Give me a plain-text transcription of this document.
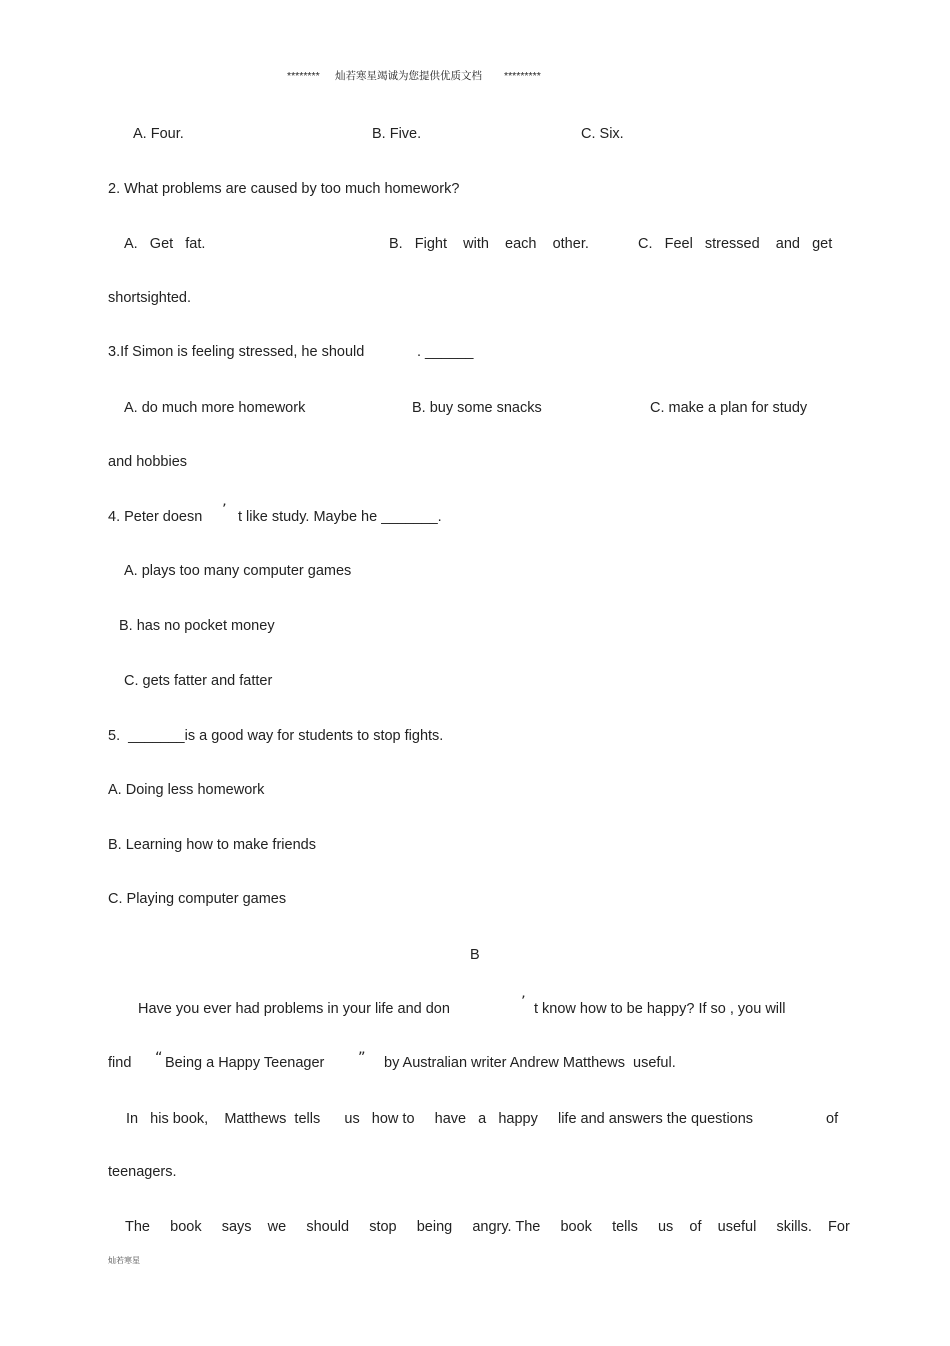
******** 灿若寒星竭诚为您提供优质文档 *********
A. Four.	B. Five.	C. Six.
2. What problems are caused by too much homework?
A.   Get   fat.	B.   Fight    with    each    other.	C.   Feel   stressed    and   get
shortsighted.
3.If Simon is feeling stressed, he should	. ______
A. do much more homework	B. buy some snacks	C. make a plan for study
and hobbies
4. Peter doesn ’ t like study. Maybe he _______.
A. plays too many computer games
B. has no pocket money
C. gets fatter and fatter
5.  _______is a good way for students to stop fights.
A. Doing less homework
B. Learning how to make friends
C. Playing computer games
B
Have you ever had problems in your life and don	’ t know how to be happy? If so , you will
find “ Being a Happy Teenager ” by Australian writer Andrew Matthews  useful.
In   his book,    Matthews  tells      us   how to     have   a   happy     life and answers the questions	of
teenagers.
The     book     says    we     should     stop     being     angry. The     book     tells     us    of    useful     skills.    For
灿若寒星
